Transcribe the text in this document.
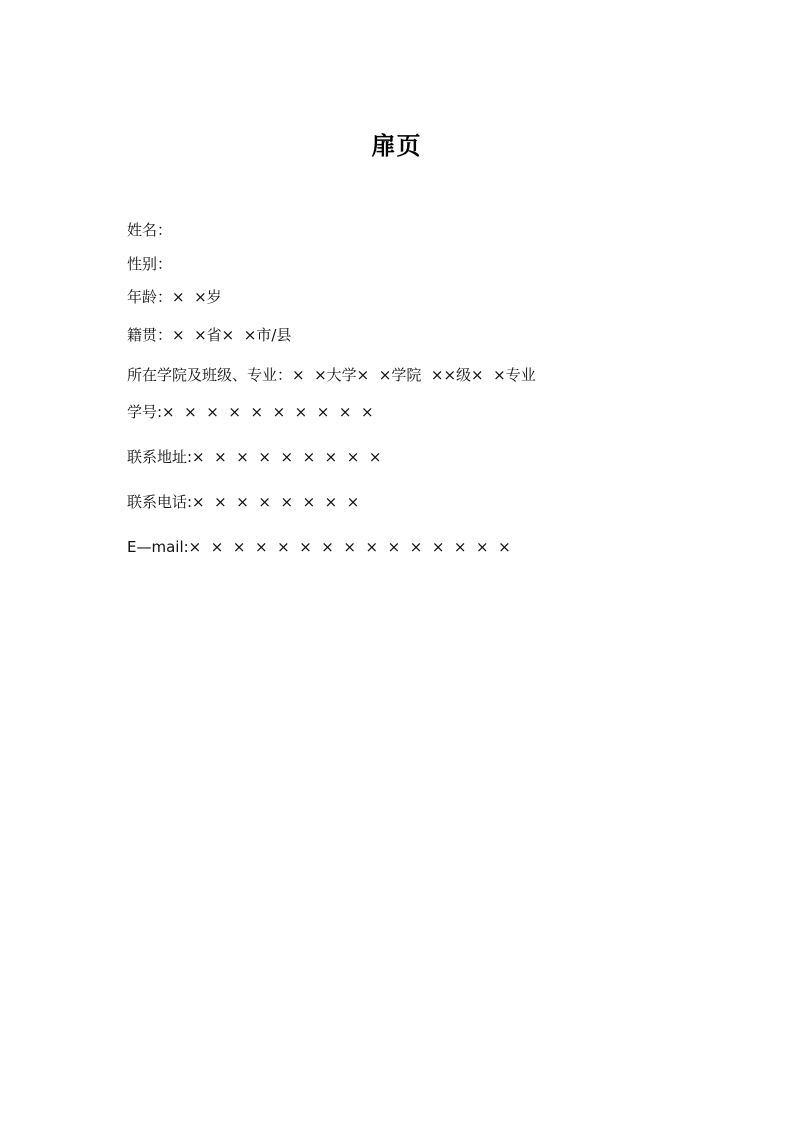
扉页
姓名：
性别：
年龄：×  ×岁
籍贯：×  ×省×  ×市/县
所在学院及班级、专业：×  ×大学×  ×学院  ××级×  ×专业
学号:×  ×  ×  ×  ×  ×  ×  ×  ×  ×
联系地址:×  ×  ×  ×  ×  ×  ×  ×  ×
联系电话:×  ×  ×  ×  ×  ×  ×  ×
E—mail:×  ×  ×  ×  ×  ×  ×  ×  ×  ×  ×  ×  ×  ×  ×
